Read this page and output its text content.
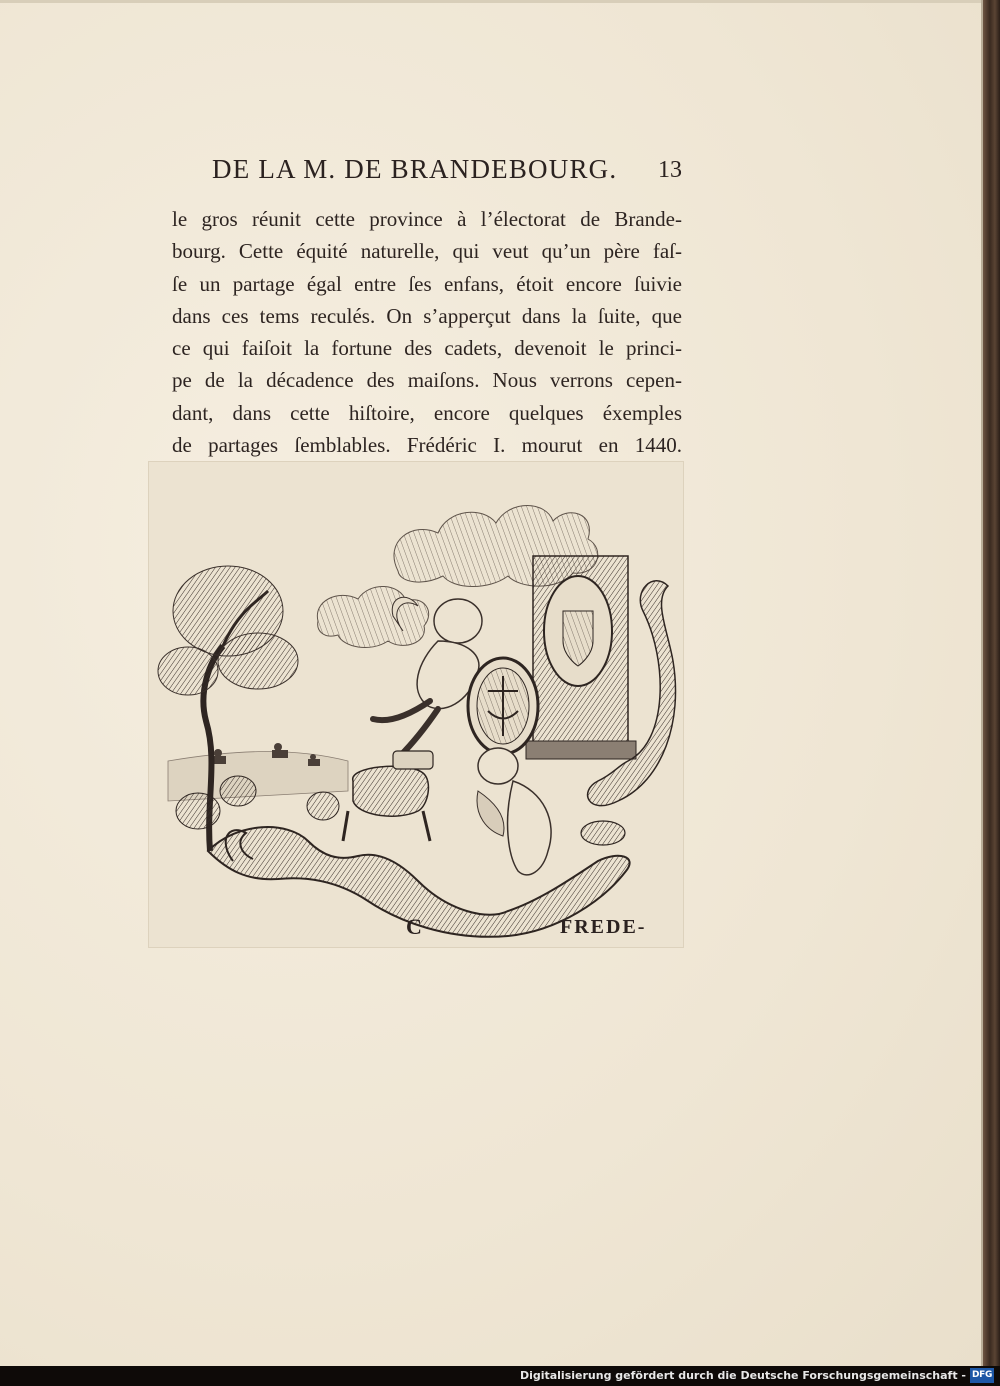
DE LA M. DE BRANDEBOURG. 13
le gros réunit cette province à l’électorat de Brande-
bourg. Cette équité naturelle, qui veut qu’un père faſ-
ſe un partage égal entre ſes enfans, étoit encore ſuivie
dans ces tems reculés. On s’apperçut dans la ſuite, que
ce qui faiſoit la fortune des cadets, devenoit le princi-
pe de la décadence des maiſons. Nous verrons cepen-
dant, dans cette hiſtoire, encore quelques éxemples
de partages ſemblables. Frédéric I. mourut en 1440.
C	FREDE-
Digitalisierung gefördert durch die Deutsche Forschungsgemeinschaft - DFG
